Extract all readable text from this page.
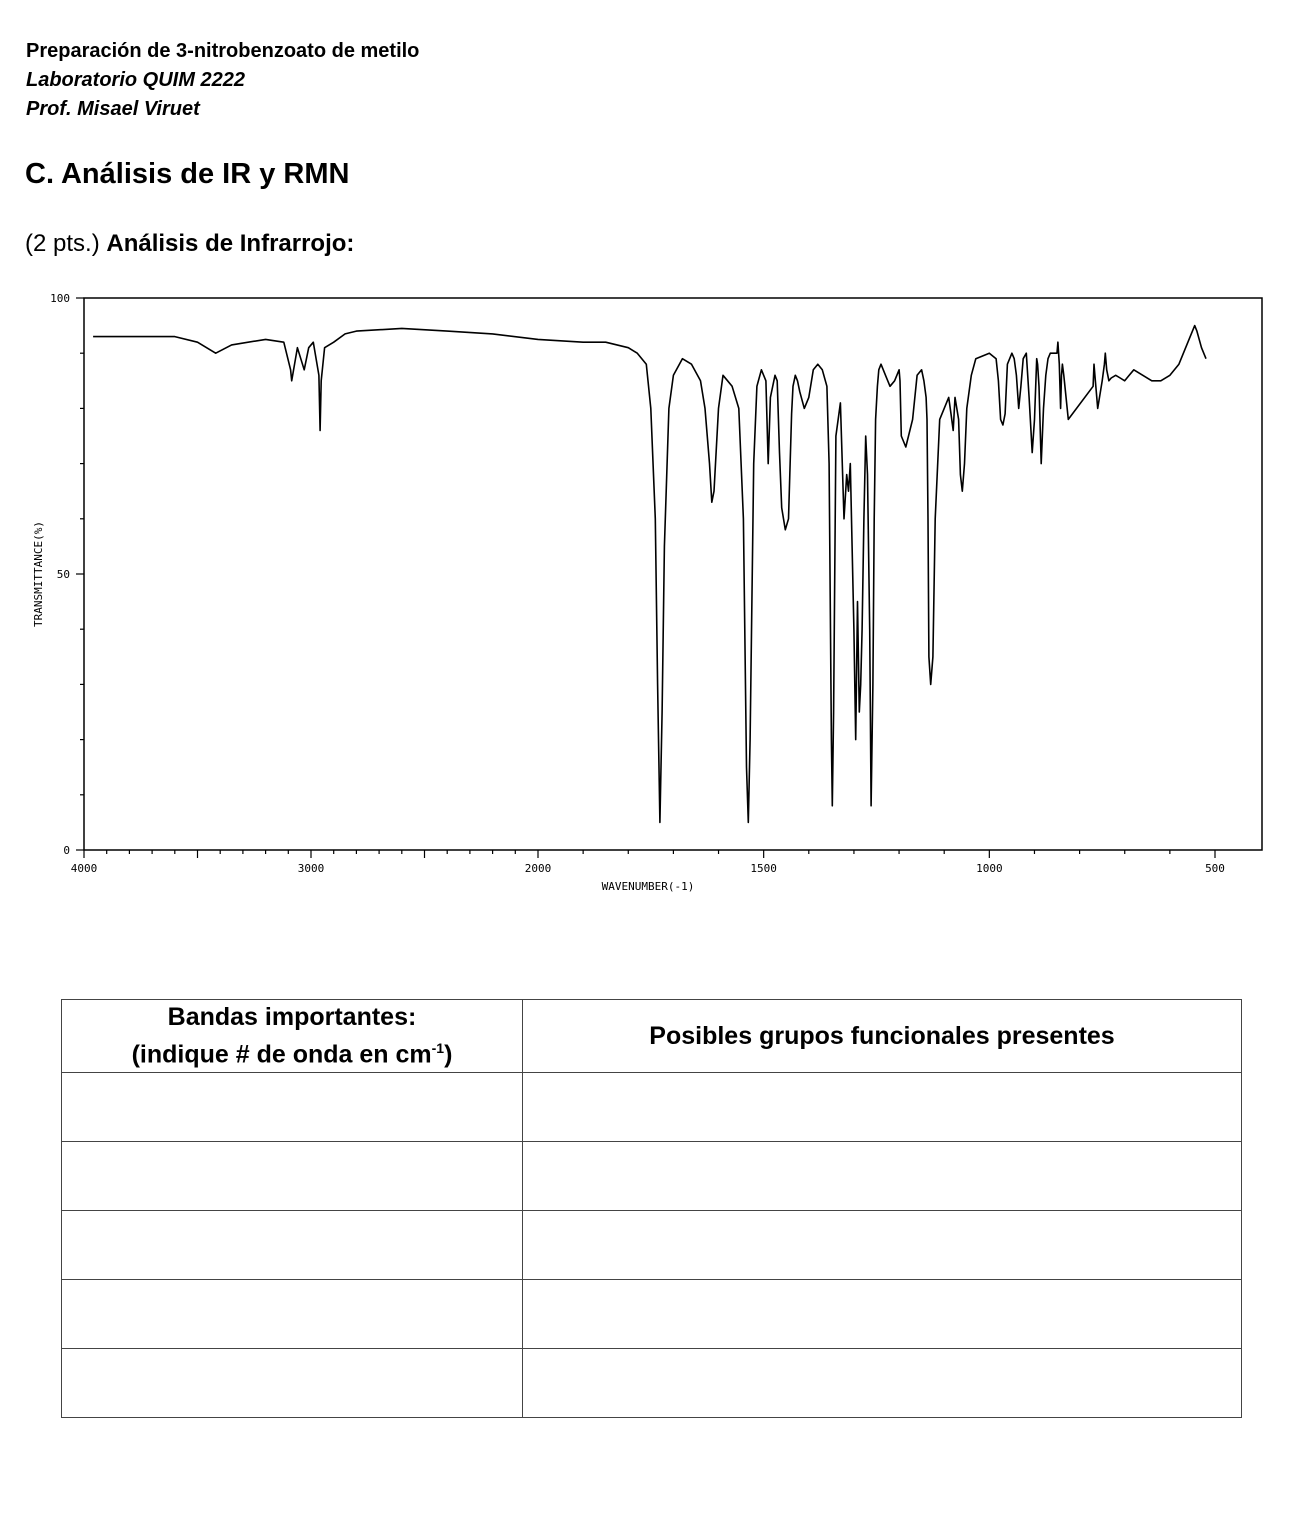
Preparación de 3-nitrobenzoato de metilo
Laboratorio QUIM 2222
Prof. Misael Viruet
C. Análisis de IR y RMN
(2 pts.) Análisis de Infrarrojo:
100
50
0
4000	3000	2000	1500	1000	500
WAVENUMBER(-1)
TRANSMITTANCE(%)
Bandas importantes:
(indique # de onda en $cm^{-1}$)	Posibles grupos funcionales presentes
